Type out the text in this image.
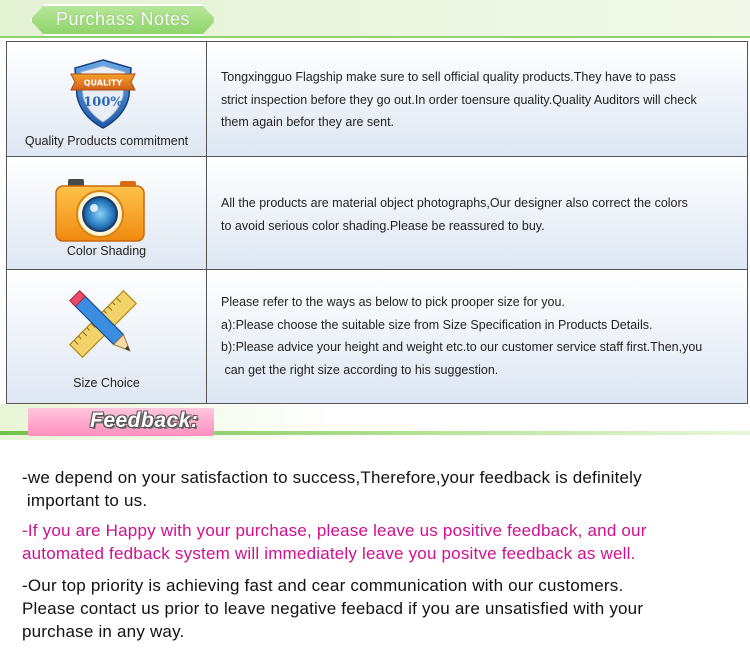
Purchass Notes
QUALITY
100%
Quality Products commitment
Tongxingguo Flagship make sure to sell official quality products.They have to pass
strict inspection before they go out.In order toensure quality.Quality Auditors will check
them again befor they are sent.
Color Shading
All the products are material object photographs,Our designer also correct the colors
to avoid serious color shading.Please be reassured to buy.
Size Choice
Please refer to the ways as below to pick prooper size for you.
a):Please choose the suitable size from Size Specification in Products Details.
b):Please advice your height and weight etc.to our customer service staff first.Then,you
can get the right size according to his suggestion.
Feedback:
-we depend on your satisfaction to success,Therefore,your feedback is definitely
important to us.
-If you are Happy with your purchase, please leave us positive feedback, and our
automated fedback system will immediately leave you positve feedback as well.
-Our top priority is achieving fast and cear communication with our customers.
Please contact us prior to leave negative feebacd if you are unsatisfied with your
purchase in any way.
